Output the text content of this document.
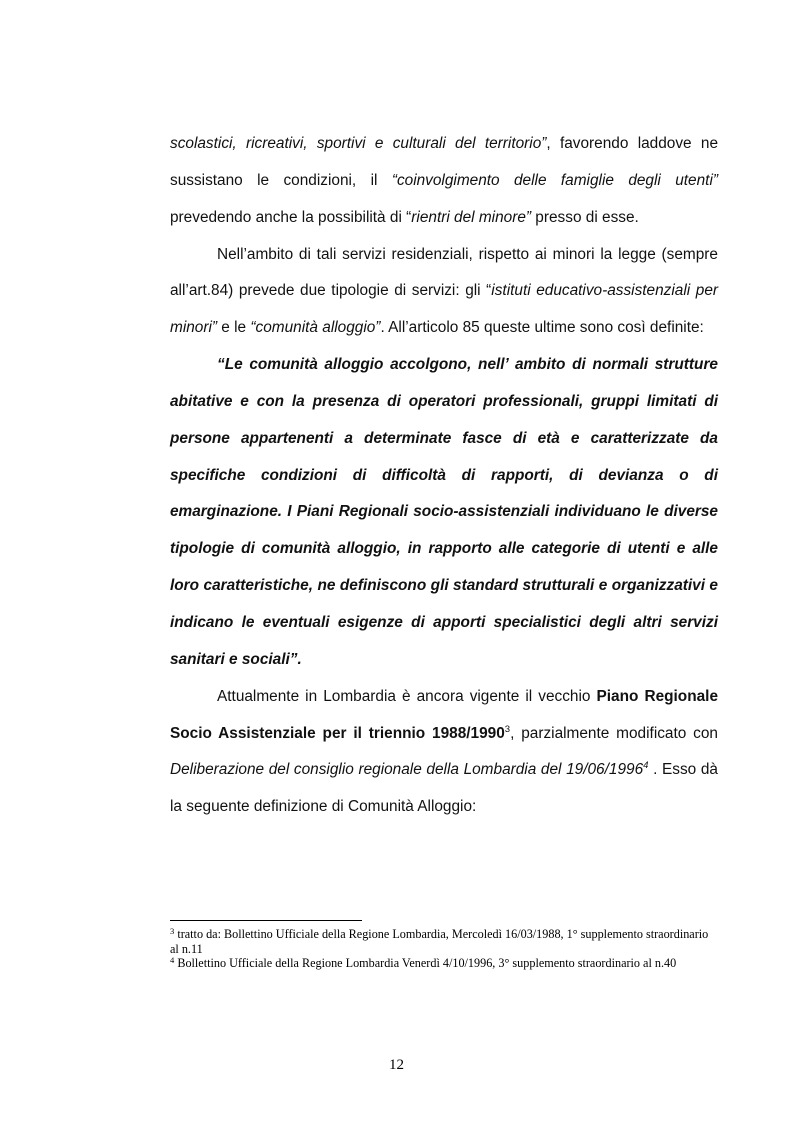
scolastici, ricreativi, sportivi e culturali del territorio”, favorendo laddove ne sussistano le condizioni, il “coinvolgimento delle famiglie degli utenti” prevedendo anche la possibilità di “rientri del minore” presso di esse.

Nell’ambito di tali servizi residenziali, rispetto ai minori la legge (sempre all’art.84) prevede due tipologie di servizi: gli “istituti educativo-assistenziali per minori” e le “comunità alloggio”. All’articolo 85 queste ultime sono così definite:

“Le comunità alloggio accolgono, nell’ ambito di normali strutture abitative e con la presenza di operatori professionali, gruppi limitati di persone appartenenti a determinate fasce di età e caratterizzate da specifiche condizioni di difficoltà di rapporti, di devianza o di emarginazione. I Piani Regionali socio-assistenziali individuano le diverse tipologie di comunità alloggio, in rapporto alle categorie di utenti e alle loro caratteristiche, ne definiscono gli standard strutturali e organizzativi e indicano le eventuali esigenze di apporti specialistici degli altri servizi sanitari e sociali”.

Attualmente in Lombardia è ancora vigente il vecchio Piano Regionale Socio Assistenziale per il triennio 1988/1990$^3$, parzialmente modificato con Deliberazione del consiglio regionale della Lombardia del 19/06/1996$^4$ . Esso dà la seguente definizione di Comunità Alloggio:

$^3$ tratto da: Bollettino Ufficiale della Regione Lombardia, Mercoledì 16/03/1988, 1° supplemento straordinario al n.11

$^4$ Bollettino Ufficiale della Regione Lombardia Venerdì 4/10/1996, 3° supplemento straordinario al n.40

12
